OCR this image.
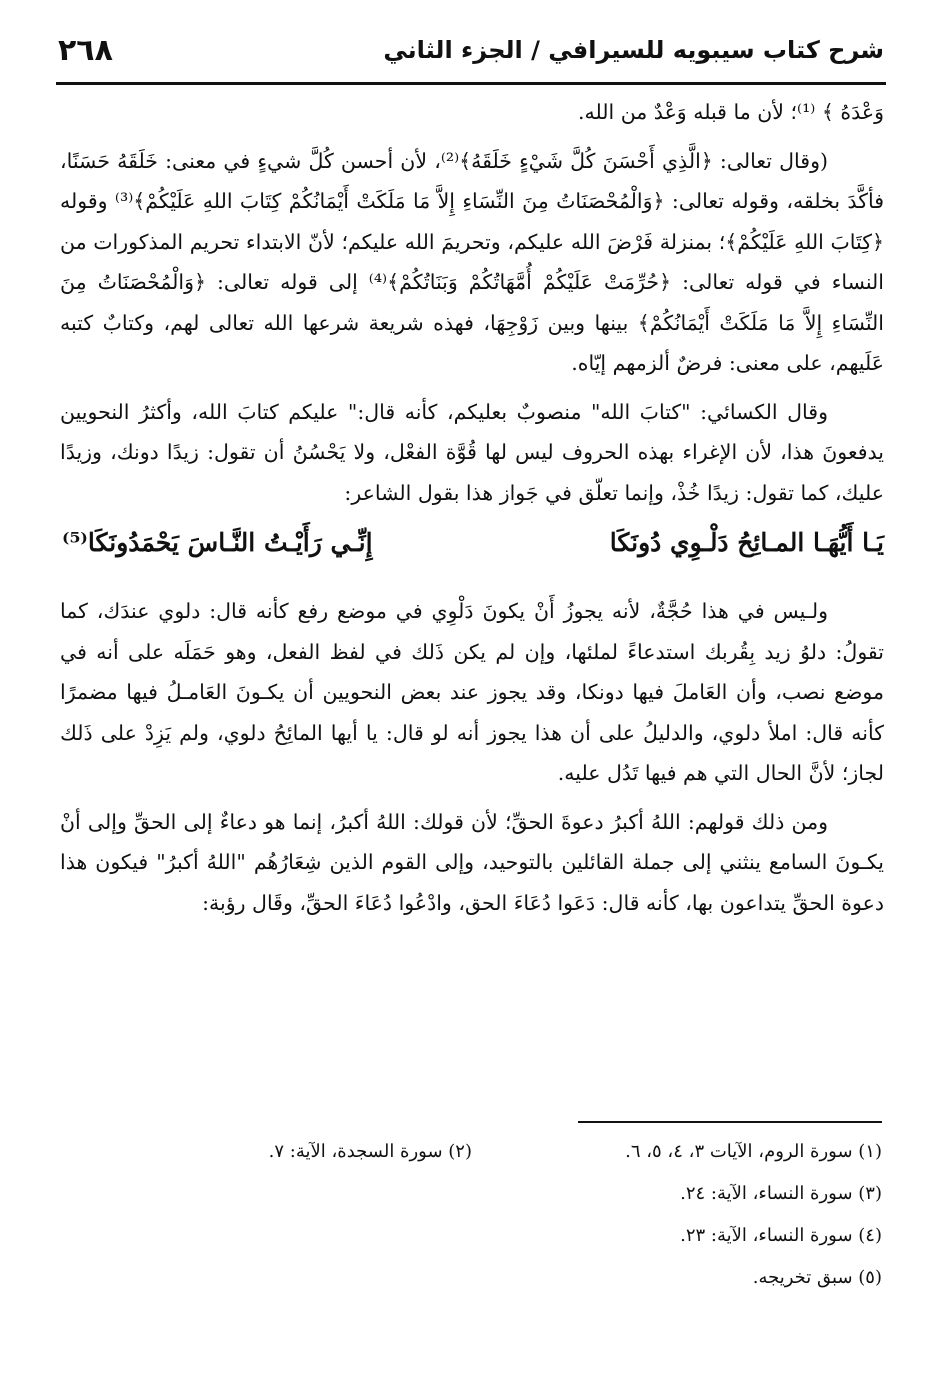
شرح كتاب سيبويه للسيرافي / الجزء الثاني
٢٦٨

وَعْدَهُ ﴾ ⁽¹⁾؛ لأن ما قبله وَعْدٌ من الله.

(وقال تعالى: ﴿الَّذِي أَحْسَنَ كُلَّ شَيْءٍ خَلَقَهُ﴾⁽²⁾، لأن أحسن كُلَّ شيءٍ في معنى: خَلَقَهُ حَسَنًا، فأكَّدَ بخلقه، وقوله تعالى: ﴿وَالْمُحْصَنَاتُ مِنَ النِّسَاءِ إِلاَّ مَا مَلَكَتْ أَيْمَانُكُمْ كِتَابَ اللهِ عَلَيْكُمْ﴾⁽³⁾ وقوله ﴿كِتَابَ اللهِ عَلَيْكُمْ﴾؛ بمنزلة فَرْضَ الله عليكم، وتحريمَ الله عليكم؛ لأنّ الابتداء تحريم المذكورات من النساء في قوله تعالى: ﴿حُرِّمَتْ عَلَيْكُمْ أُمَّهَاتُكُمْ وَبَنَاتُكُمْ﴾⁽⁴⁾ إلى قوله تعالى: ﴿وَالْمُحْصَنَاتُ مِنَ النِّسَاءِ إِلاَّ مَا مَلَكَتْ أَيْمَانُكُمْ﴾ بينها وبين زَوْجِهَا، فهذه شريعة شرعها الله تعالى لهم، وكتابٌ كتبه عَلَيهم، على معنى: فرضٌ ألزمهم إيّاه.

وقال الكسائي: "كتابَ الله" منصوبٌ بعليكم، كأنه قال:" عليكم كتابَ الله، وأكثرُ النحويين يدفعونَ هذا، لأن الإغراء بهذه الحروف ليس لها قُوَّة الفعْل، ولا يَحْسُنُ أن تقول: زيدًا دونك، وزيدًا عليك، كما تقول: زيدًا خُذْ، وإنما تعلّق في جَواز هذا بقول الشاعر:

يَـا أَيُّهَـا المـائِحُ دَلْـوِي دُونَكَا
إِنِّـي رَأَيْـتُ النَّـاسَ يَحْمَدُونَكَا⁽⁵⁾

ولـيس في هذا حُجَّةٌ، لأنه يجوزُ أَنْ يكونَ دَلْوِي في موضع رفع كأنه قال: دلوي عندَك، كما تقولُ: دلوُ زيد بِقُربك استدعاءً لملئها، وإن لم يكن ذَلك في لفظ الفعل، وهو حَمَلَه على أنه في موضع نصب، وأن العَاملَ فيها دونكا، وقد يجوز عند بعض النحويين أن يكـونَ العَامـلُ فيها مضمرًا كأنه قال: املأ دلوي، والدليلُ على أن هذا يجوز أنه لو قال: يا أيها المائِحُ دلوي، ولم يَزِدْ على ذَلك لجاز؛ لأنَّ الحال التي هم فيها تَدُل عليه.

ومن ذلك قولهم: اللهُ أكبرُ دعوةَ الحقِّ؛ لأن قولك: اللهُ أكبرُ، إنما هو دعاءٌ إلى الحقِّ وإلى أنْ يكـونَ السامع ينثني إلى جملة القائلين بالتوحيد، وإلى القوم الذين شِعَارُهُم "اللهُ أكبرُ" فيكون هذا دعوة الحقِّ يتداعون بها، كأنه قال: دَعَوا دُعَاءَ الحق، وادْعُوا دُعَاءَ الحقِّ، وقَال رؤبة:

(١) سورة الروم، الآيات ٣، ٤، ٥، ٦.
(٢) سورة السجدة، الآية: ٧.
(٣) سورة النساء، الآية: ٢٤.
(٤) سورة النساء، الآية: ٢٣.
(٥) سبق تخريجه.
